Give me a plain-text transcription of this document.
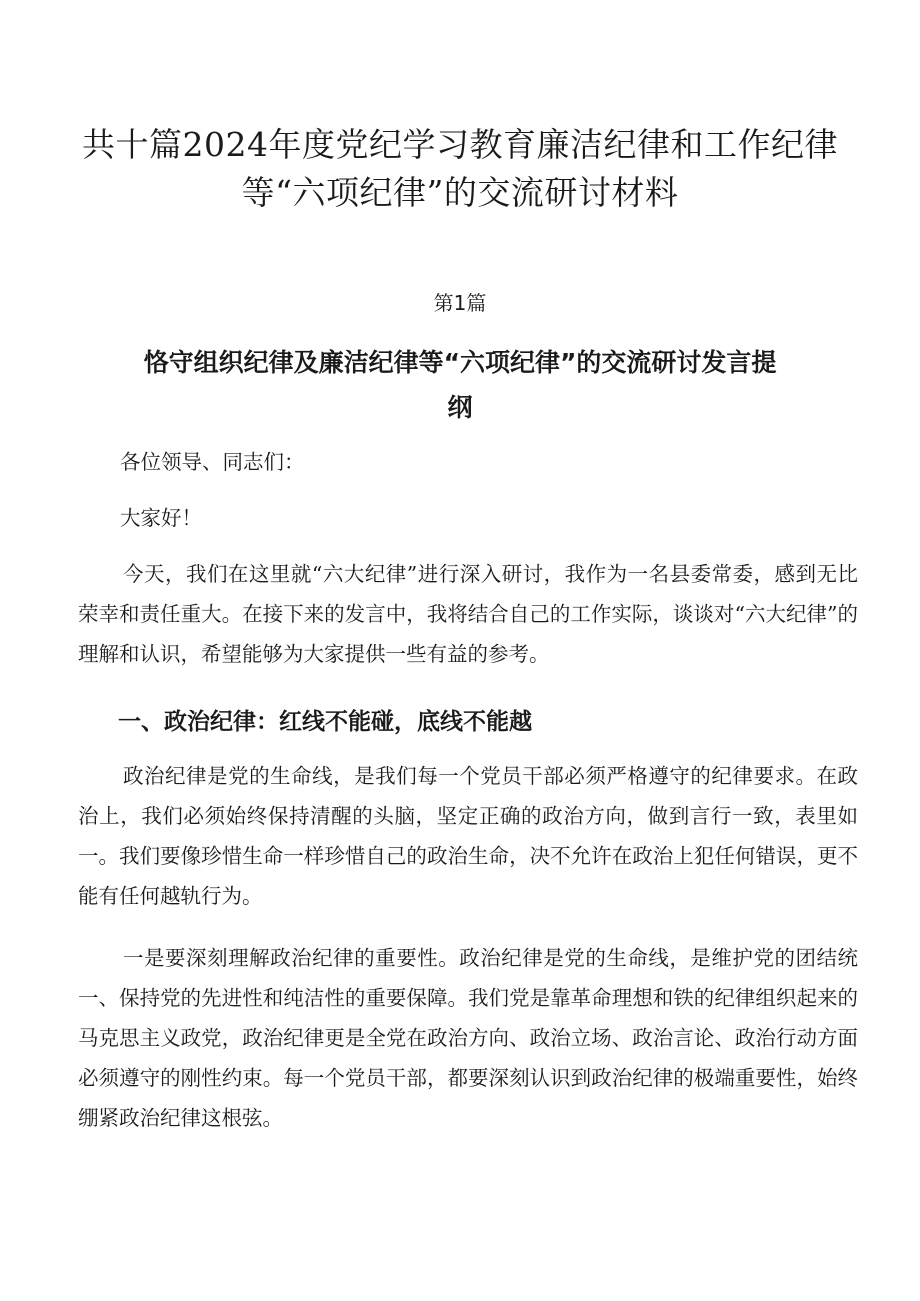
共十篇2024年度党纪学习教育廉洁纪律和工作纪律
等“六项纪律”的交流研讨材料
第1篇
恪守组织纪律及廉洁纪律等“六项纪律”的交流研讨发言提
纲

各位领导、同志们：

大家好！

今天，我们在这里就“六大纪律”进行深入研讨，我作为一名县委常委，感到无比荣幸和责任重大。在接下来的发言中，我将结合自己的工作实际，谈谈对“六大纪律”的理解和认识，希望能够为大家提供一些有益的参考。

一、政治纪律：红线不能碰，底线不能越

政治纪律是党的生命线，是我们每一个党员干部必须严格遵守的纪律要求。在政治上，我们必须始终保持清醒的头脑，坚定正确的政治方向，做到言行一致，表里如一。我们要像珍惜生命一样珍惜自己的政治生命，决不允许在政治上犯任何错误，更不能有任何越轨行为。

一是要深刻理解政治纪律的重要性。政治纪律是党的生命线，是维护党的团结统一、保持党的先进性和纯洁性的重要保障。我们党是靠革命理想和铁的纪律组织起来的马克思主义政党，政治纪律更是全党在政治方向、政治立场、政治言论、政治行动方面必须遵守的刚性约束。每一个党员干部，都要深刻认识到政治纪律的极端重要性，始终绷紧政治纪律这根弦。
